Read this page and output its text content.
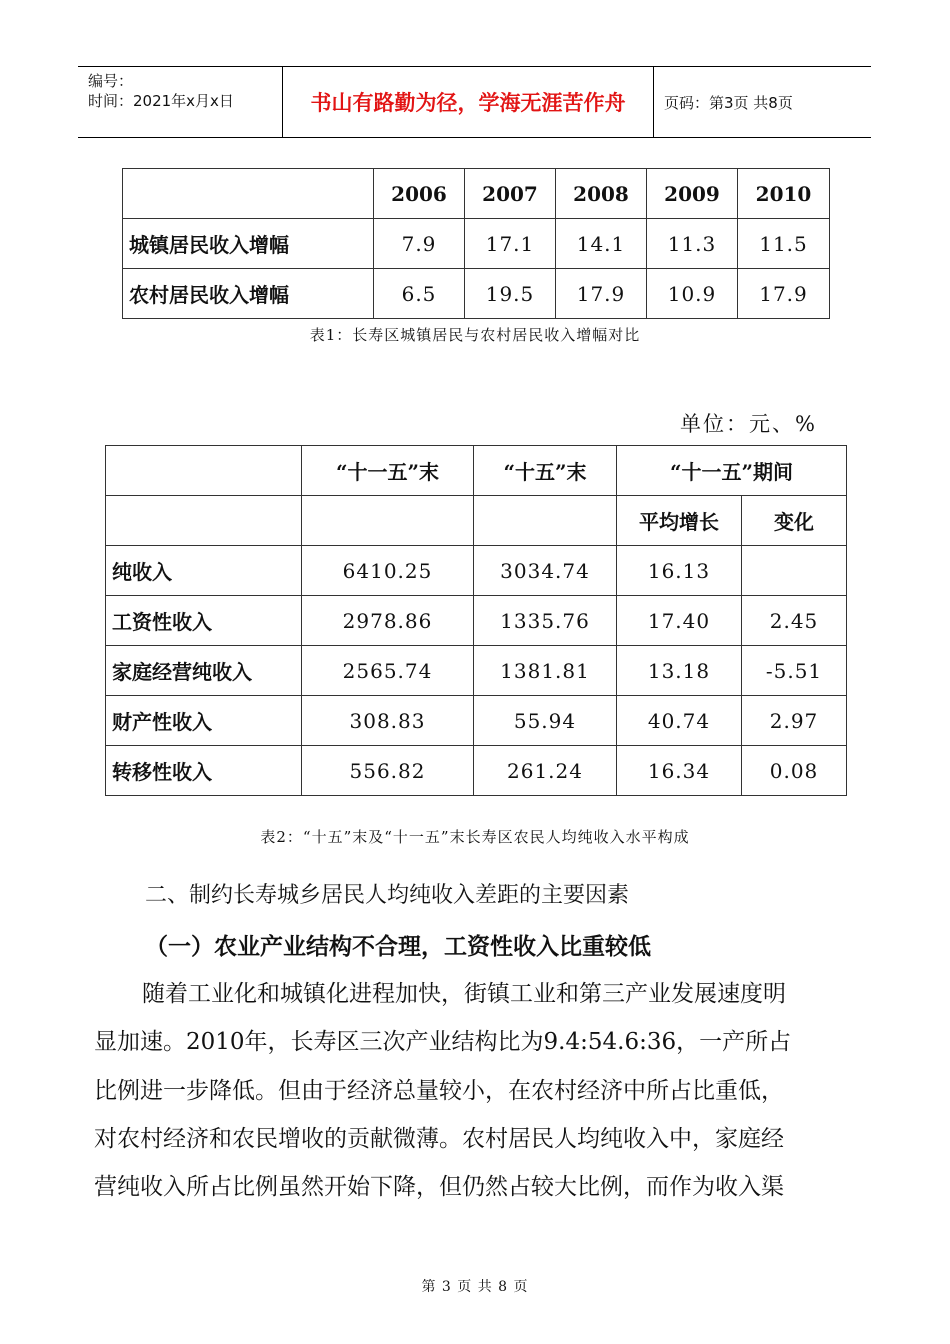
编号：
时间：2021年x月x日	书山有路勤为径，学海无涯苦作舟	页码：第3页 共8页
	2006	2007	2008	2009	2010
城镇居民收入增幅	7.9	17.1	14.1	11.3	11.5
农村居民收入增幅	6.5	19.5	17.9	10.9	17.9
表1：长寿区城镇居民与农村居民收入增幅对比
单位：元、%
	“十一五”末	“十五”末	“十一五”期间	
			平均增长	变化
纯收入	6410.25	3034.74	16.13	
工资性收入	2978.86	1335.76	17.40	2.45
家庭经营纯收入	2565.74	1381.81	13.18	-5.51
财产性收入	308.83	55.94	40.74	2.97
转移性收入	556.82	261.24	16.34	0.08
表2：“十五”末及“十一五”末长寿区农民人均纯收入水平构成
二、制约长寿城乡居民人均纯收入差距的主要因素
（一）农业产业结构不合理，工资性收入比重较低

随着工业化和城镇化进程加快，街镇工业和第三产业发展速度明

显加速。2010年，长寿区三次产业结构比为9.4:54.6:36，一产所占

比例进一步降低。但由于经济总量较小，在农村经济中所占比重低，

对农村经济和农民增收的贡献微薄。农村居民人均纯收入中，家庭经

营纯收入所占比例虽然开始下降，但仍然占较大比例，而作为收入渠

第 3 页 共 8 页
